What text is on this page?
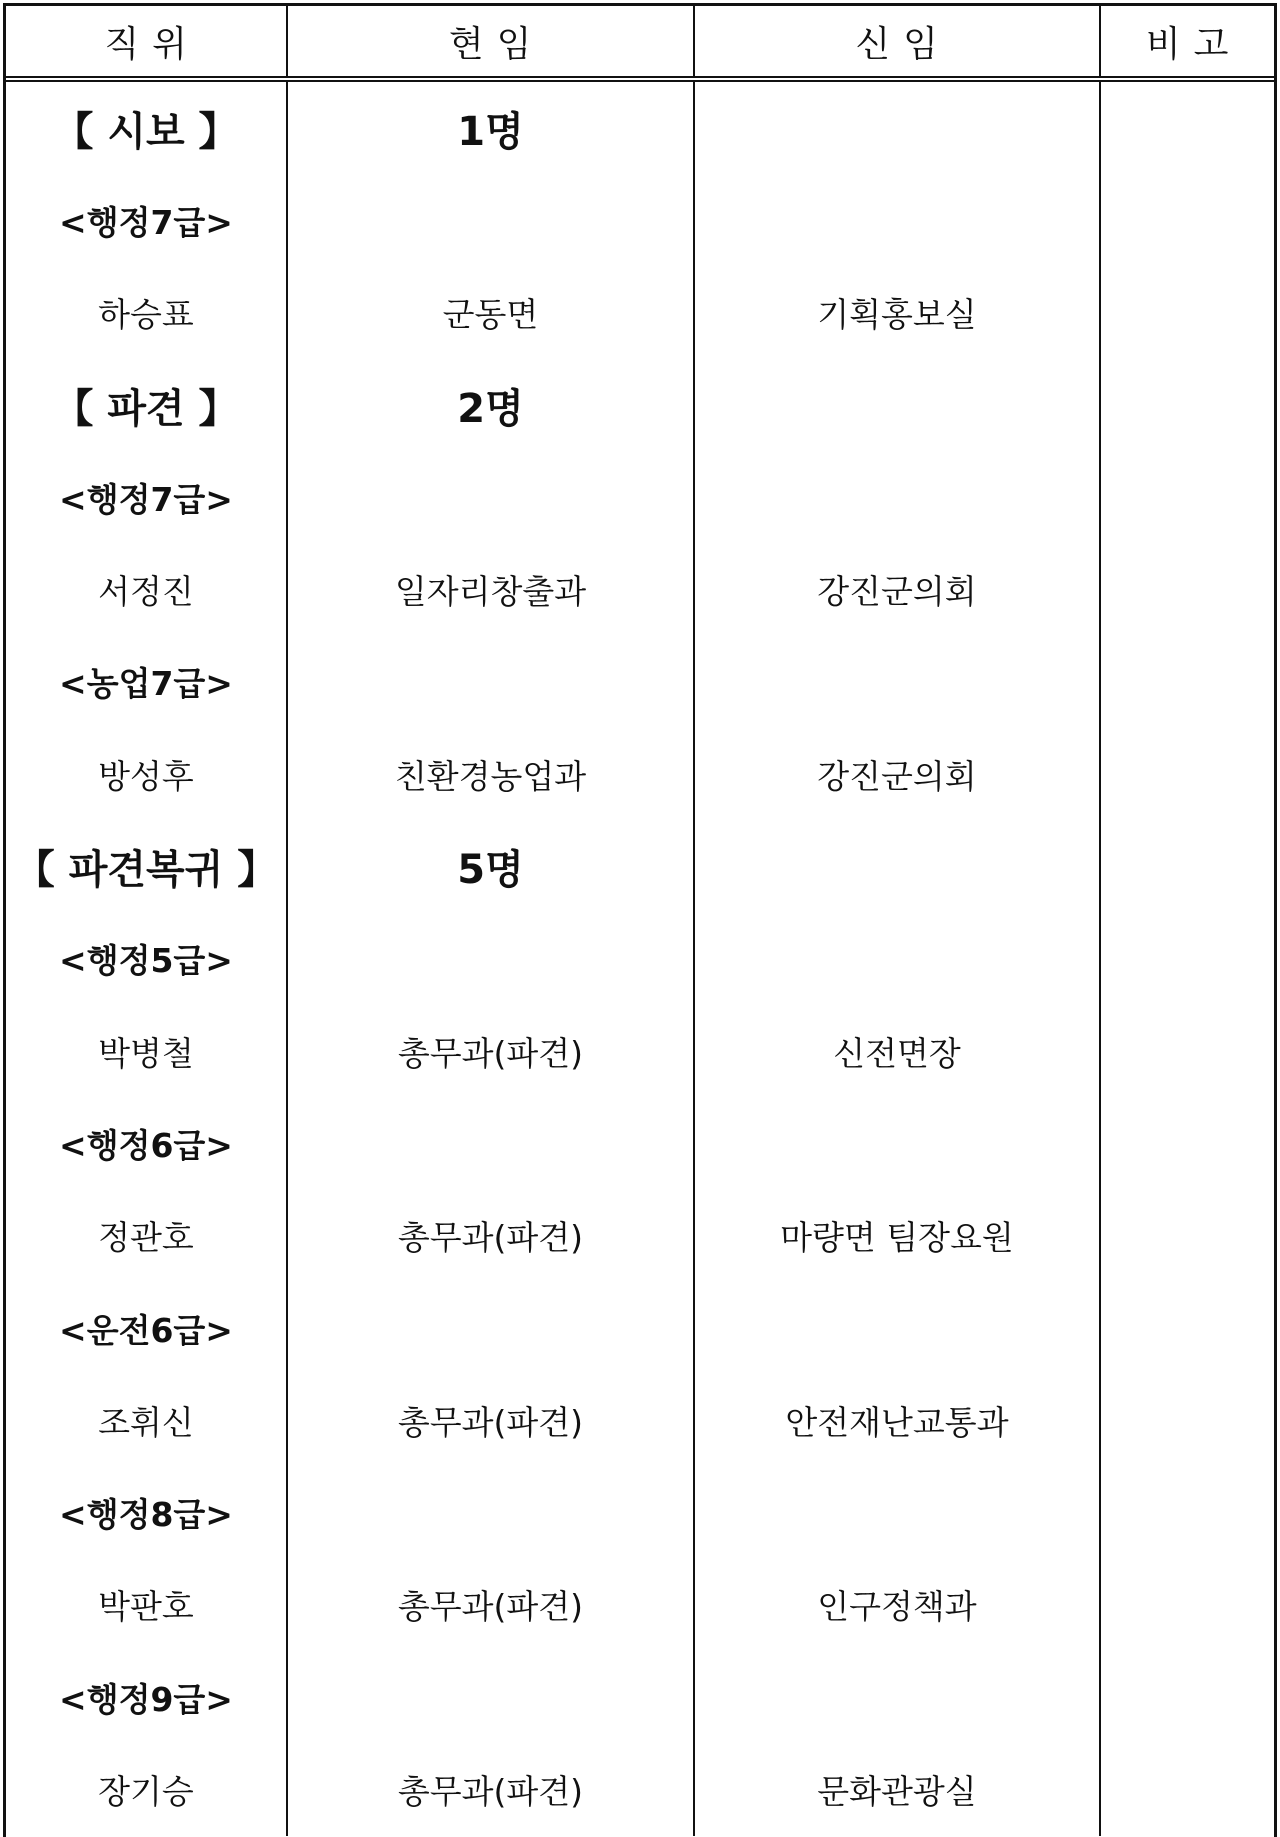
직 위	현 임	신 임	비 고
【 시보 】	1명		
<행정7급>			
하승표	군동면	기획홍보실	
【 파견 】	2명		
<행정7급>			
서정진	일자리창출과	강진군의회	
<농업7급>			
방성후	친환경농업과	강진군의회	
【 파견복귀 】	5명		
<행정5급>			
박병철	총무과(파견)	신전면장	
<행정6급>			
정관호	총무과(파견)	마량면 팀장요원	
<운전6급>			
조휘신	총무과(파견)	안전재난교통과	
<행정8급>			
박판호	총무과(파견)	인구정책과	
<행정9급>			
장기승	총무과(파견)	문화관광실	
